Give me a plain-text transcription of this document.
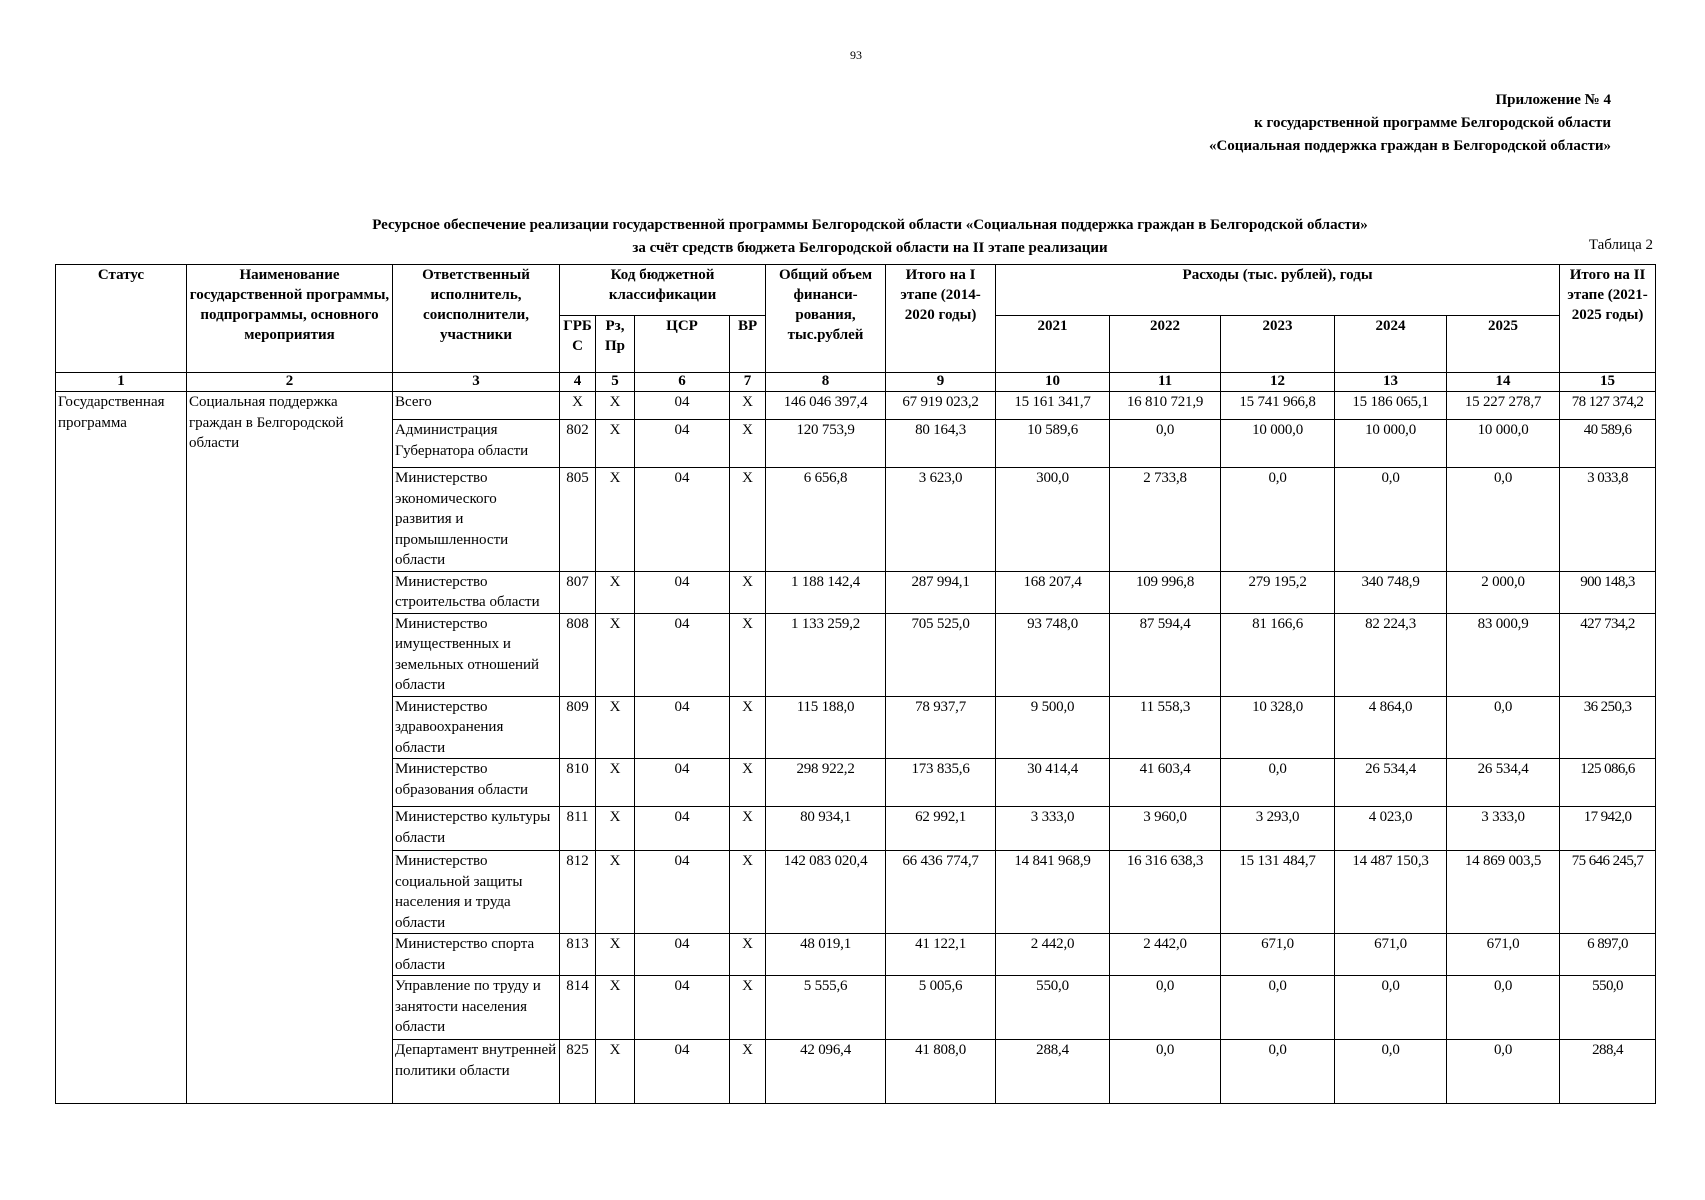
93
Приложение № 4
к государственной программе Белгородской области
«Социальная поддержка граждан в Белгородской области»
Ресурсное обеспечение реализации государственной программы Белгородской области «Социальная поддержка граждан в Белгородской области»
за счёт средств бюджета Белгородской области на II этапе реализации	Таблица 2
Статус	Наименование государственной программы, подпрограммы, основного мероприятия	Ответственный исполнитель, соисполнители, участники	Код бюджетной классификации				Общий объем финанси-рования, тыс.рублей	Итого на I этапе (2014-2020 годы)	Расходы (тыс. рублей), годы					Итого на II этапе (2021-2025 годы)
			ГРБ С	Рз, Пр	ЦСР	ВР			2021	2022	2023	2024	2025	
1	2	3	4	5	6	7	8	9	10	11	12	13	14	15
Государственная программа	Социальная поддержка граждан в Белгородской области	Всего	Х	Х	04	Х	146 046 397,4	67 919 023,2	15 161 341,7	16 810 721,9	15 741 966,8	15 186 065,1	15 227 278,7	78 127 374,2
		Администрация Губернатора области	802	Х	04	Х	120 753,9	80 164,3	10 589,6	0,0	10 000,0	10 000,0	10 000,0	40 589,6
		Министерство экономического развития и промышленности области	805	Х	04	Х	6 656,8	3 623,0	300,0	2 733,8	0,0	0,0	0,0	3 033,8
		Министерство строительства области	807	Х	04	Х	1 188 142,4	287 994,1	168 207,4	109 996,8	279 195,2	340 748,9	2 000,0	900 148,3
		Министерство имущественных и земельных отношений области	808	Х	04	Х	1 133 259,2	705 525,0	93 748,0	87 594,4	81 166,6	82 224,3	83 000,9	427 734,2
		Министерство здравоохранения области	809	Х	04	Х	115 188,0	78 937,7	9 500,0	11 558,3	10 328,0	4 864,0	0,0	36 250,3
		Министерство образования области	810	Х	04	Х	298 922,2	173 835,6	30 414,4	41 603,4	0,0	26 534,4	26 534,4	125 086,6
		Министерство культуры области	811	Х	04	Х	80 934,1	62 992,1	3 333,0	3 960,0	3 293,0	4 023,0	3 333,0	17 942,0
		Министерство социальной защиты населения и труда области	812	Х	04	Х	142 083 020,4	66 436 774,7	14 841 968,9	16 316 638,3	15 131 484,7	14 487 150,3	14 869 003,5	75 646 245,7
		Министерство спорта области	813	Х	04	Х	48 019,1	41 122,1	2 442,0	2 442,0	671,0	671,0	671,0	6 897,0
		Управление по труду и занятости населения области	814	Х	04	Х	5 555,6	5 005,6	550,0	0,0	0,0	0,0	0,0	550,0
		Департамент внутренней политики области	825	Х	04	Х	42 096,4	41 808,0	288,4	0,0	0,0	0,0	0,0	288,4
